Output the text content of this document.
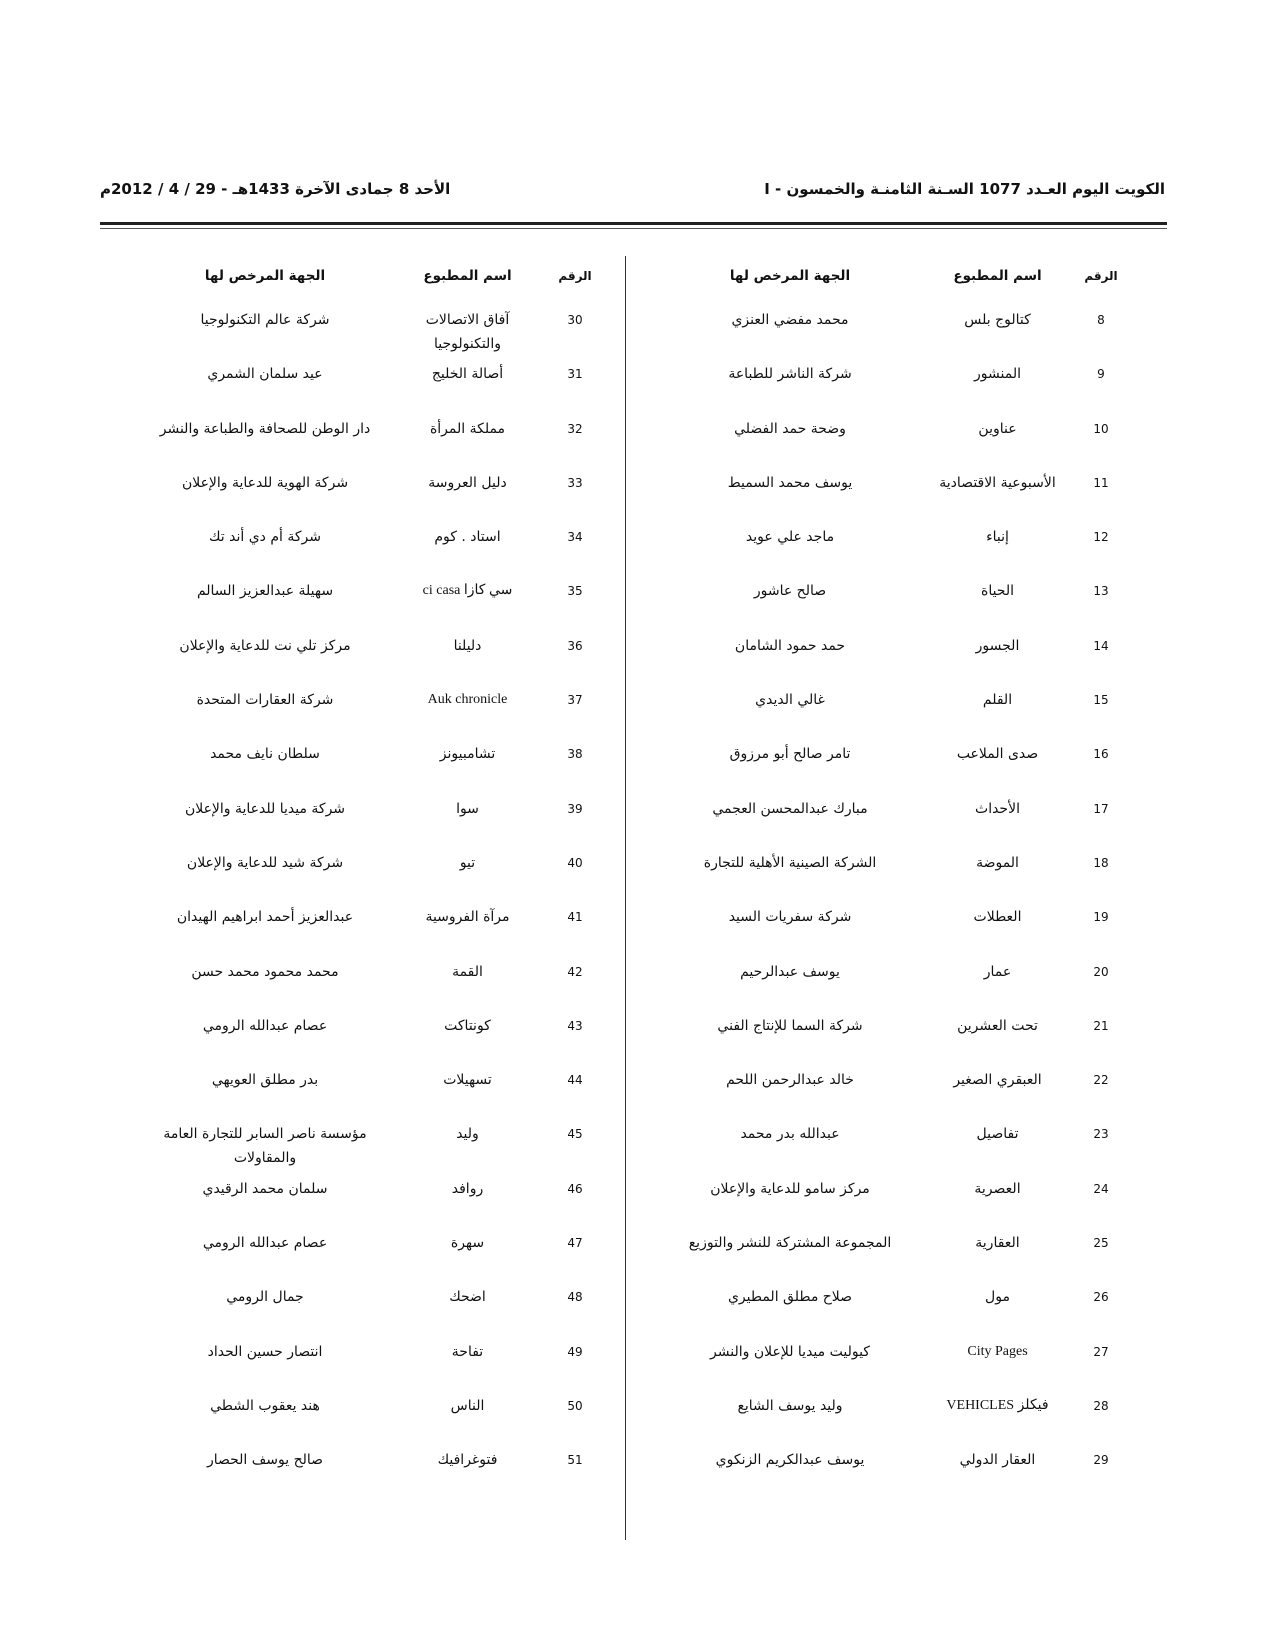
الكويت اليوم العـدد 1077 السـنة الثامنـة والخمسون - I
الأحد 8 جمادى الآخرة 1433هـ - 29 / 4 / 2012م
الرقم
اسم المطبوع
الجهة المرخص لها
8
كتالوج بلس
محمد مفضي العنزي
9
المنشور
شركة الناشر للطباعة
10
عناوين
وضحة حمد الفضلي
11
الأسبوعية الاقتصادية
يوسف محمد السميط
12
إنباء
ماجد علي عويد
13
الحياة
صالح عاشور
14
الجسور
حمد حمود الشامان
15
القلم
غالي الديدي
16
صدى الملاعب
تامر صالح أبو مرزوق
17
الأحداث
مبارك عبدالمحسن العجمي
18
الموضة
الشركة الصينية الأهلية للتجارة
19
العطلات
شركة سفريات السيد
20
عمار
يوسف عبدالرحيم
21
تحت العشرين
شركة السما للإنتاج الفني
22
العبقري الصغير
خالد عبدالرحمن اللحم
23
تفاصيل
عبدالله بدر محمد
24
العصرية
مركز سامو للدعاية والإعلان
25
العقارية
المجموعة المشتركة للنشر والتوزيع
26
مول
صلاح مطلق المطيري
27
City Pages
كيوليت ميديا للإعلان والنشر
28
فيكلز VEHICLES
وليد يوسف الشايع
29
العقار الدولي
يوسف عبدالكريم الزنكوي
الرقم
اسم المطبوع
الجهة المرخص لها
30
آفاق الاتصالات والتكنولوجيا
شركة عالم التكنولوجيا
31
أصالة الخليج
عيد سلمان الشمري
32
مملكة المرأة
دار الوطن للصحافة والطباعة والنشر
33
دليل العروسة
شركة الهوية للدعاية والإعلان
34
استاد . كوم
شركة أم دي أند تك
35
سي كازا ci casa
سهيلة عبدالعزيز السالم
36
دليلنا
مركز تلي نت للدعاية والإعلان
37
Auk chronicle
شركة العقارات المتحدة
38
تشامبيونز
سلطان نايف محمد
39
سوا
شركة ميديا للدعاية والإعلان
40
تيو
شركة شيد للدعاية والإعلان
41
مرآة الفروسية
عبدالعزيز أحمد ابراهيم الهيدان
42
القمة
محمد محمود محمد حسن
43
كونتاكت
عصام عبدالله الرومي
44
تسهيلات
بدر مطلق العويهي
45
وليد
مؤسسة ناصر السابر للتجارة العامة والمقاولات
46
روافد
سلمان محمد الرقيدي
47
سهرة
عصام عبدالله الرومي
48
اضحك
جمال الرومي
49
تفاحة
انتصار حسين الحداد
50
الناس
هند يعقوب الشطي
51
فتوغرافيك
صالح يوسف الحصار
